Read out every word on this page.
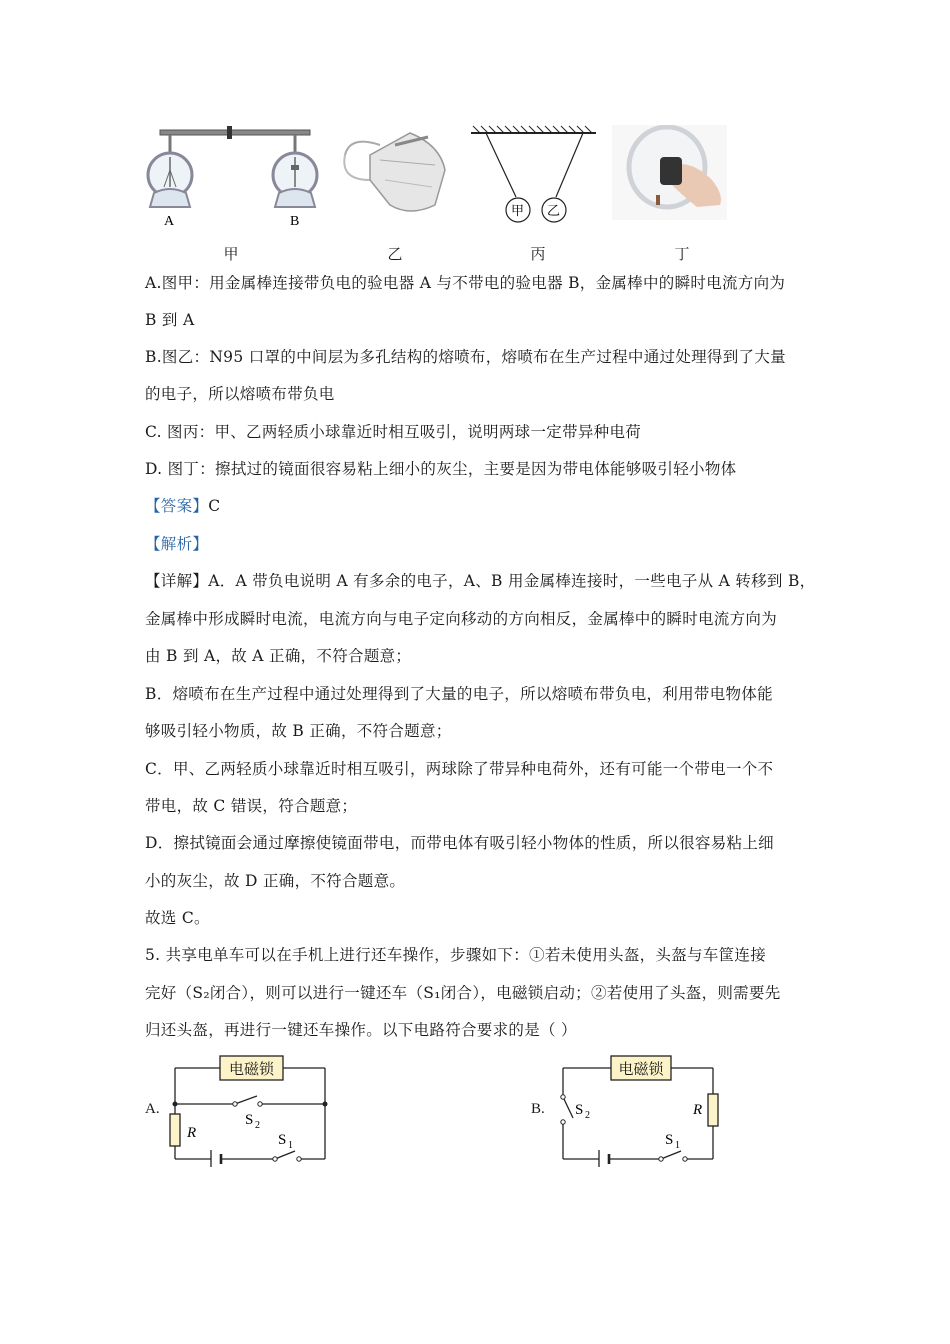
A	B
甲 乙
甲	乙	丙	丁
A.图甲：用金属棒连接带负电的验电器 A 与不带电的验电器 B，金属棒中的瞬时电流方向为
B 到 A
B.图乙：N95 口罩的中间层为多孔结构的熔喷布，熔喷布在生产过程中通过处理得到了大量
的电子，所以熔喷布带负电
C. 图丙：甲、乙两轻质小球靠近时相互吸引，说明两球一定带异种电荷
D. 图丁：擦拭过的镜面很容易粘上细小的灰尘，主要是因为带电体能够吸引轻小物体
【答案】C
【解析】
【详解】A．A 带负电说明 A 有多余的电子，A、B 用金属棒连接时，一些电子从 A 转移到 B，
金属棒中形成瞬时电流，电流方向与电子定向移动的方向相反，金属棒中的瞬时电流方向为
由 B 到 A，故 A 正确，不符合题意；
B．熔喷布在生产过程中通过处理得到了大量的电子，所以熔喷布带负电，利用带电物体能
够吸引轻小物质，故 B 正确，不符合题意；
C．甲、乙两轻质小球靠近时相互吸引，两球除了带异种电荷外，还有可能一个带电一个不
带电，故 C 错误，符合题意；
D．擦拭镜面会通过摩擦使镜面带电，而带电体有吸引轻小物体的性质，所以很容易粘上细
小的灰尘，故 D 正确，不符合题意。
故选 C。
5. 共享电单车可以在手机上进行还车操作，步骤如下：①若未使用头盔，头盔与车筐连接
完好（S₂闭合），则可以进行一键还车（S₁闭合），电磁锁启动；②若使用了头盔，则需要先
归还头盔，再进行一键还车操作。以下电路符合要求的是（ ）
A.
电磁锁
R
S 2
S 1
B.
电磁锁
R
S 2
S 1
